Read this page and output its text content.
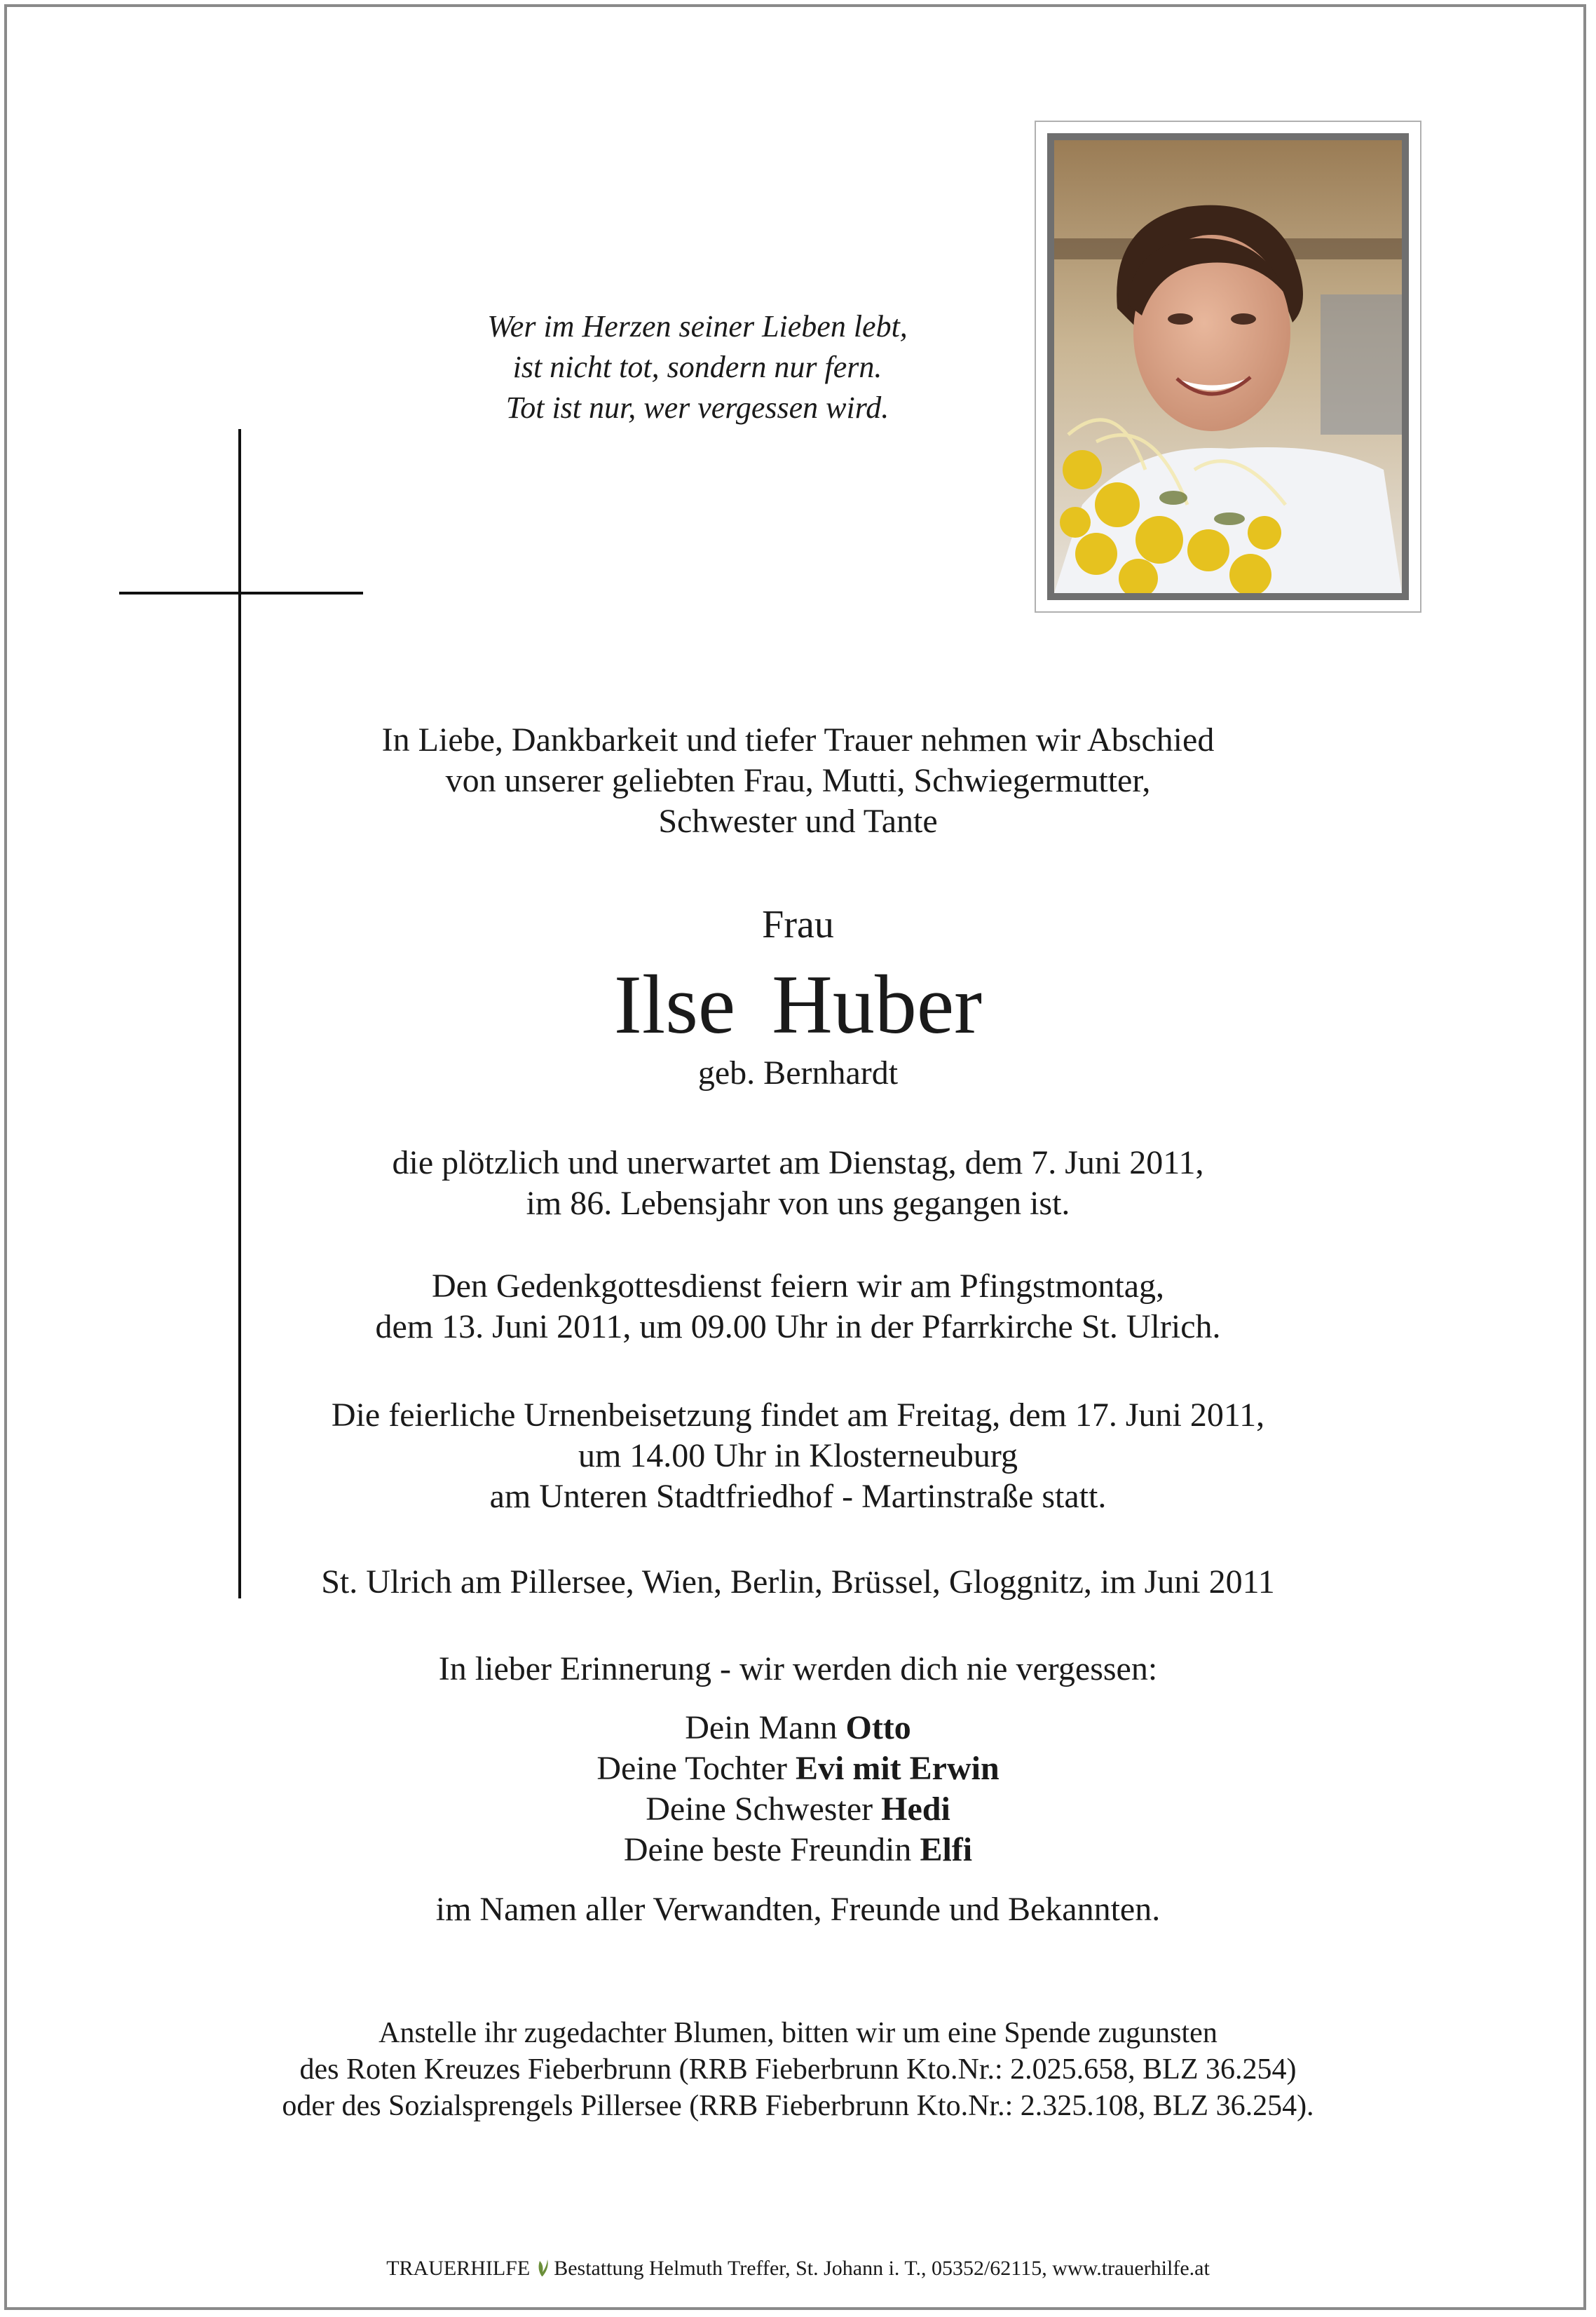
Wer im Herzen seiner Lieben lebt,
ist nicht tot, sondern nur fern.
Tot ist nur, wer vergessen wird.
In Liebe, Dankbarkeit und tiefer Trauer nehmen wir Abschied
von unserer geliebten Frau, Mutti, Schwiegermutter,
Schwester und Tante
Frau
Ilse Huber
geb. Bernhardt
die plötzlich und unerwartet am Dienstag, dem 7. Juni 2011,
im 86. Lebensjahr von uns gegangen ist.
Den Gedenkgottesdienst feiern wir am Pfingstmontag,
dem 13. Juni 2011, um 09.00 Uhr in der Pfarrkirche St. Ulrich.
Die feierliche Urnenbeisetzung findet am Freitag, dem 17. Juni 2011,
um 14.00 Uhr in Klosterneuburg
am Unteren Stadtfriedhof - Martinstraße statt.
St. Ulrich am Pillersee, Wien, Berlin, Brüssel, Gloggnitz, im Juni 2011
In lieber Erinnerung - wir werden dich nie vergessen:
Dein Mann Otto
Deine Tochter Evi mit Erwin
Deine Schwester Hedi
Deine beste Freundin Elfi
im Namen aller Verwandten, Freunde und Bekannten.
Anstelle ihr zugedachter Blumen, bitten wir um eine Spende zugunsten
des Roten Kreuzes Fieberbrunn (RRB Fieberbrunn Kto.Nr.: 2.025.658, BLZ 36.254)
oder des Sozialsprengels Pillersee (RRB Fieberbrunn Kto.Nr.: 2.325.108, BLZ 36.254).
TRAUERHILFE Bestattung Helmuth Treffer, St. Johann i. T., 05352/62115, www.trauerhilfe.at
